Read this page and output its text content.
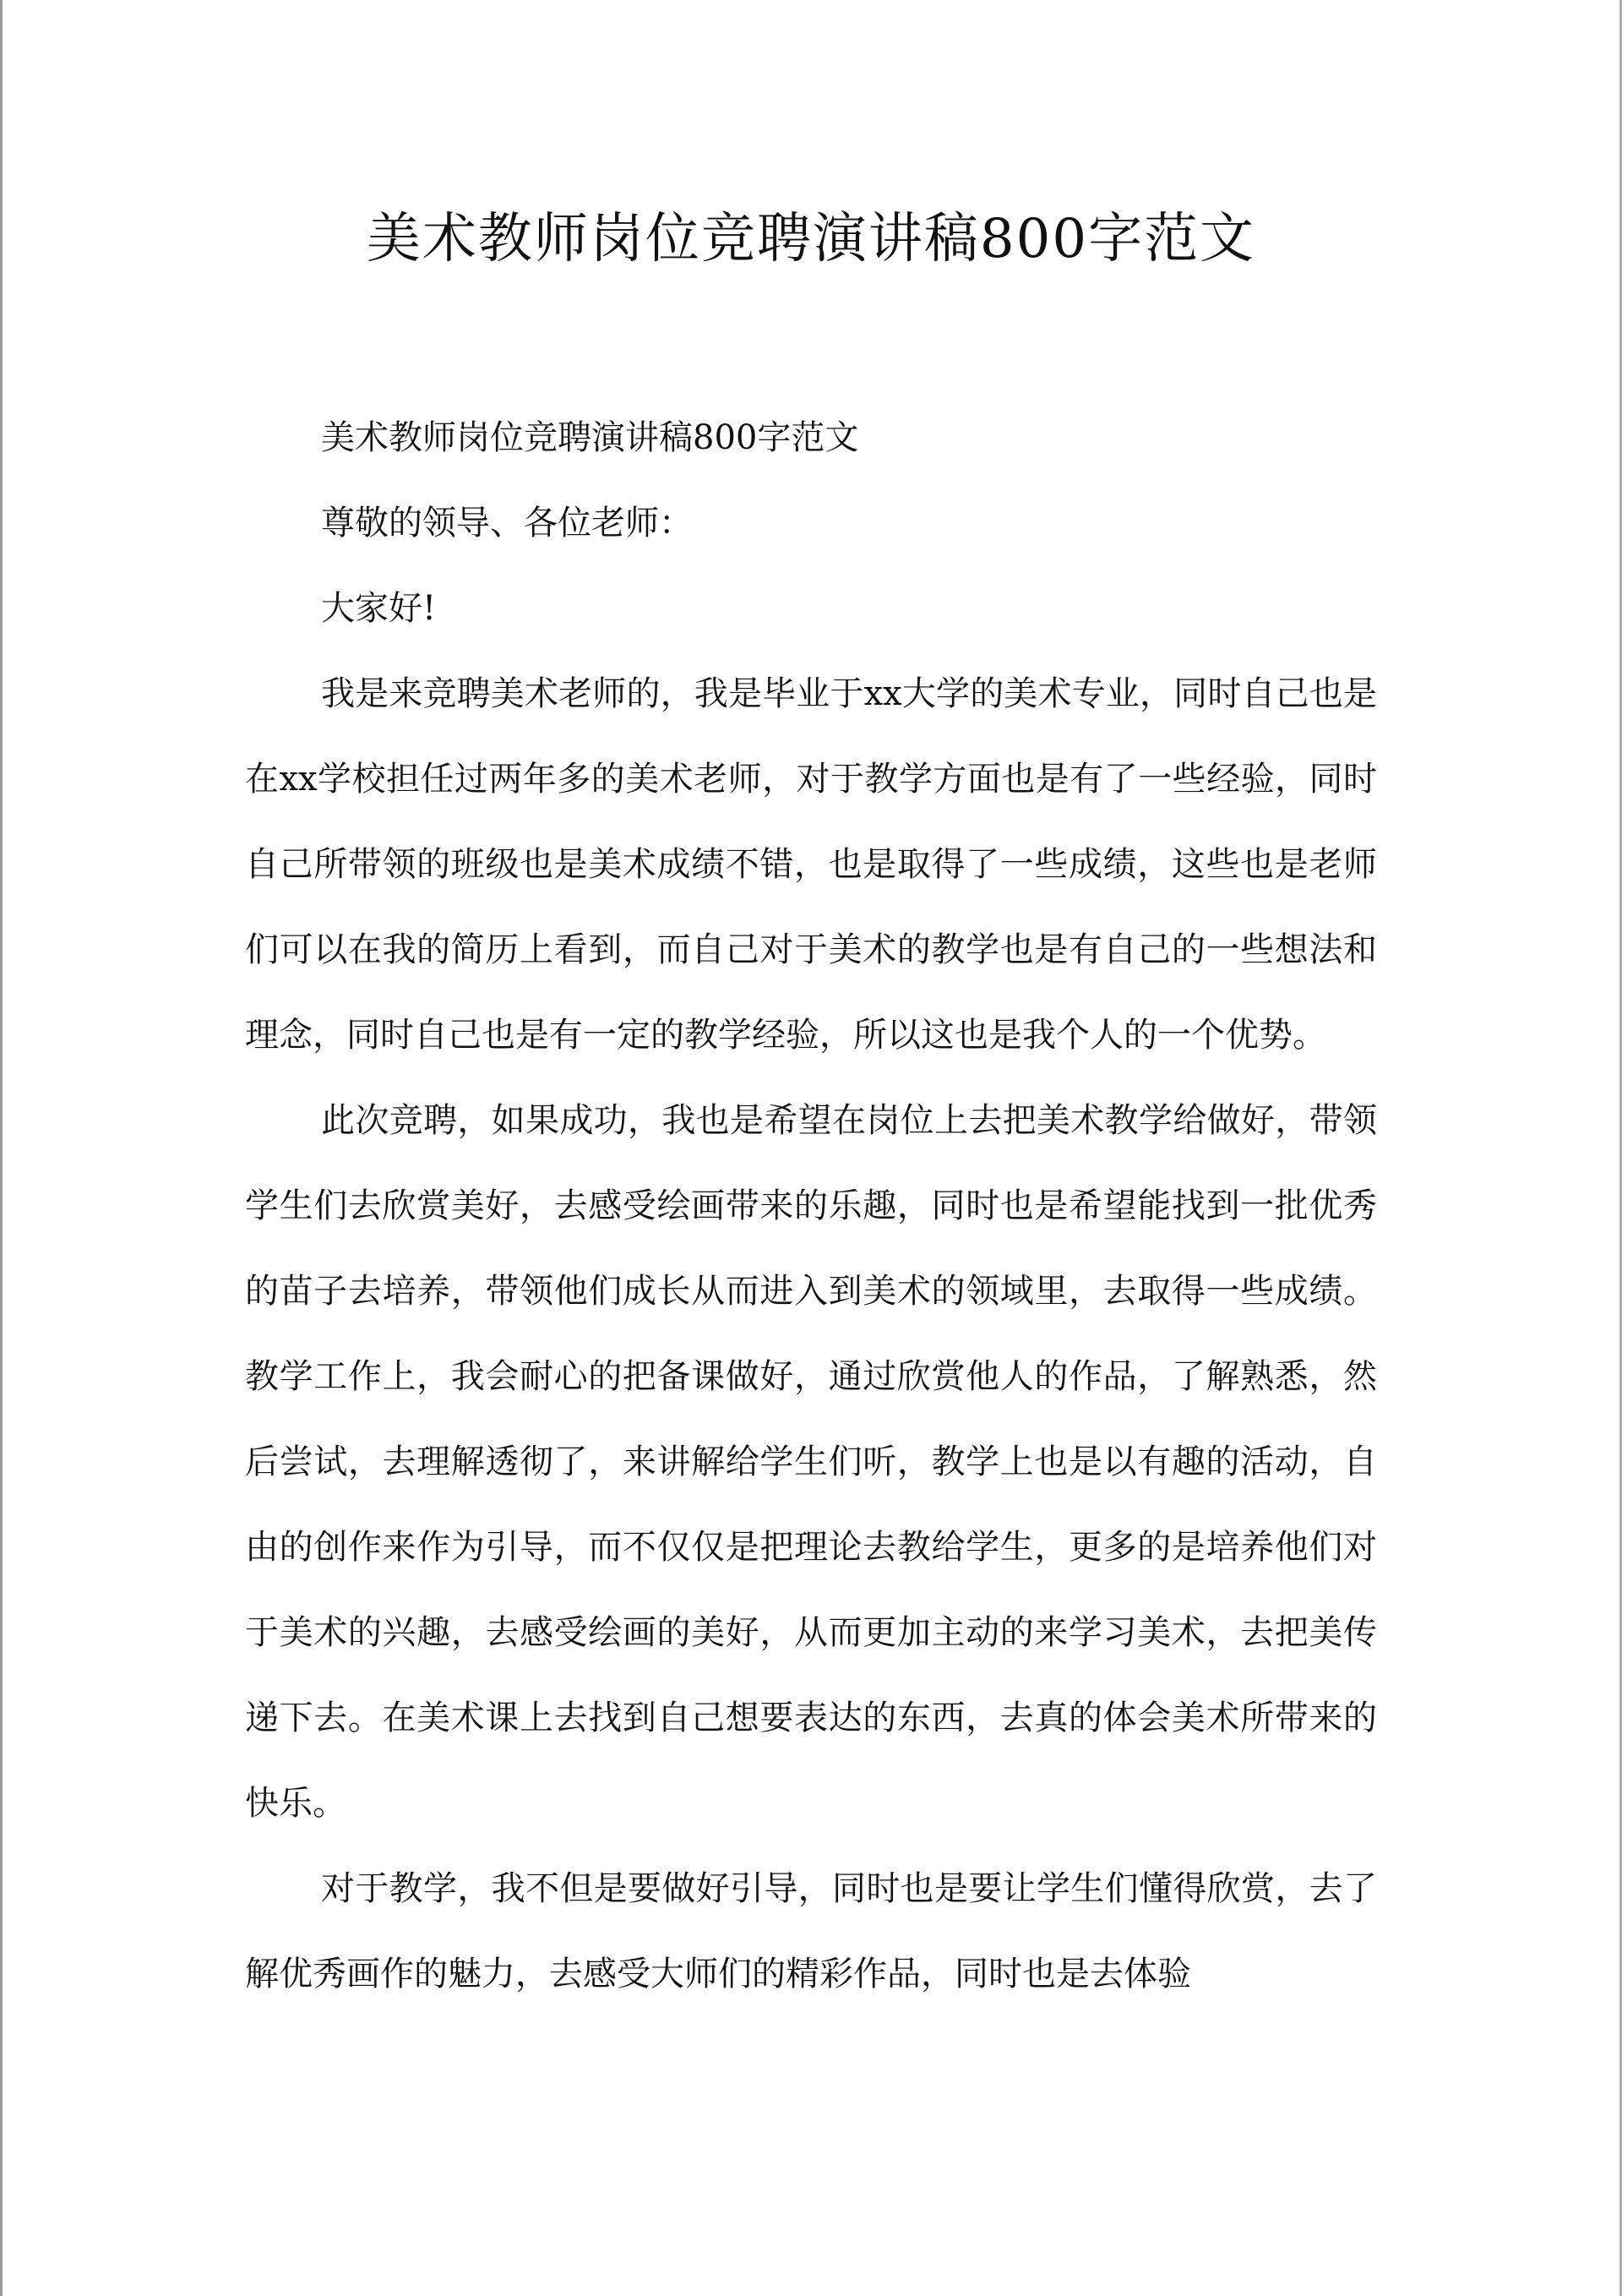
美术教师岗位竞聘演讲稿800字范文

美术教师岗位竞聘演讲稿800字范文

尊敬的领导、各位老师：

大家好!

我是来竞聘美术老师的，我是毕业于xx大学的美术专业，同时自己也是在xx学校担任过两年多的美术老师，对于教学方面也是有了一些经验，同时自己所带领的班级也是美术成绩不错，也是取得了一些成绩，这些也是老师们可以在我的简历上看到，而自己对于美术的教学也是有自己的一些想法和理念，同时自己也是有一定的教学经验，所以这也是我个人的一个优势。

此次竞聘，如果成功，我也是希望在岗位上去把美术教学给做好，带领学生们去欣赏美好，去感受绘画带来的乐趣，同时也是希望能找到一批优秀的苗子去培养，带领他们成长从而进入到美术的领域里，去取得一些成绩。教学工作上，我会耐心的把备课做好，通过欣赏他人的作品，了解熟悉，然后尝试，去理解透彻了，来讲解给学生们听，教学上也是以有趣的活动，自由的创作来作为引导，而不仅仅是把理论去教给学生，更多的是培养他们对于美术的兴趣，去感受绘画的美好，从而更加主动的来学习美术，去把美传递下去。在美术课上去找到自己想要表达的东西，去真的体会美术所带来的快乐。

对于教学，我不但是要做好引导，同时也是要让学生们懂得欣赏，去了解优秀画作的魅力，去感受大师们的精彩作品，同时也是去体验
